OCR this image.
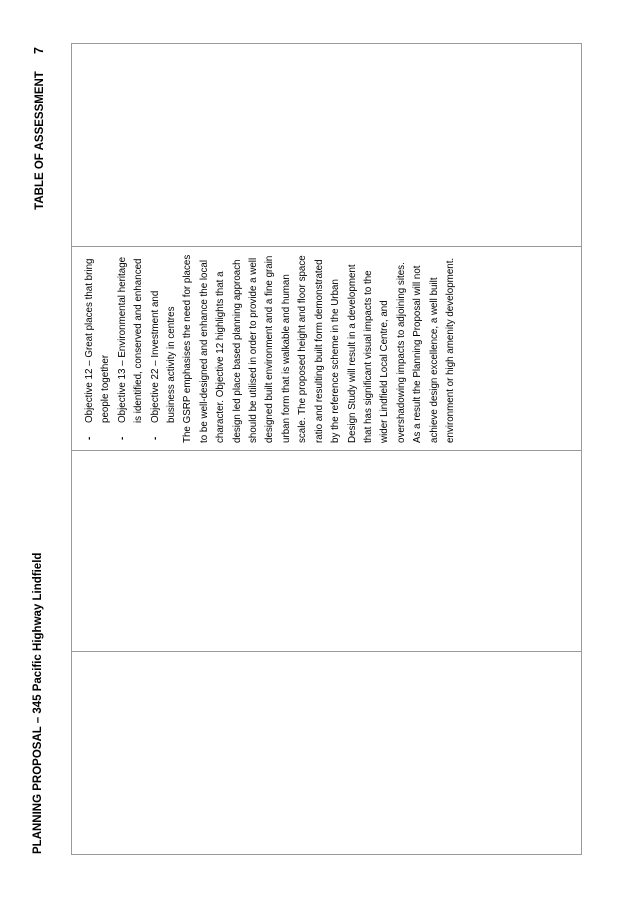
PLANNING PROPOSAL – 345 Pacific Highway Lindfield
TABLE OF ASSESSMENT 7
- Objective 12 – Great places that bring people together - Objective 13 – Environmental heritage is identified, conserved and enhanced - Objective 22 – Investment and business activity in centres The GSRP emphasises the need for places to be well-designed and enhance the local character. Objective 12 highlights that a design led place based planning approach should be utilised in order to provide a well designed built environment and a fine grain urban form that is walkable and human scale. The proposed height and floor space ratio and resulting built form demonstrated by the reference scheme in the Urban Design Study will result in a development that has significant visual impacts to the wider Lindfield Local Centre, and overshadowing impacts to adjoining sites. As a result the Planning Proposal will not achieve design excellence, a well built environment or high amenity development.
